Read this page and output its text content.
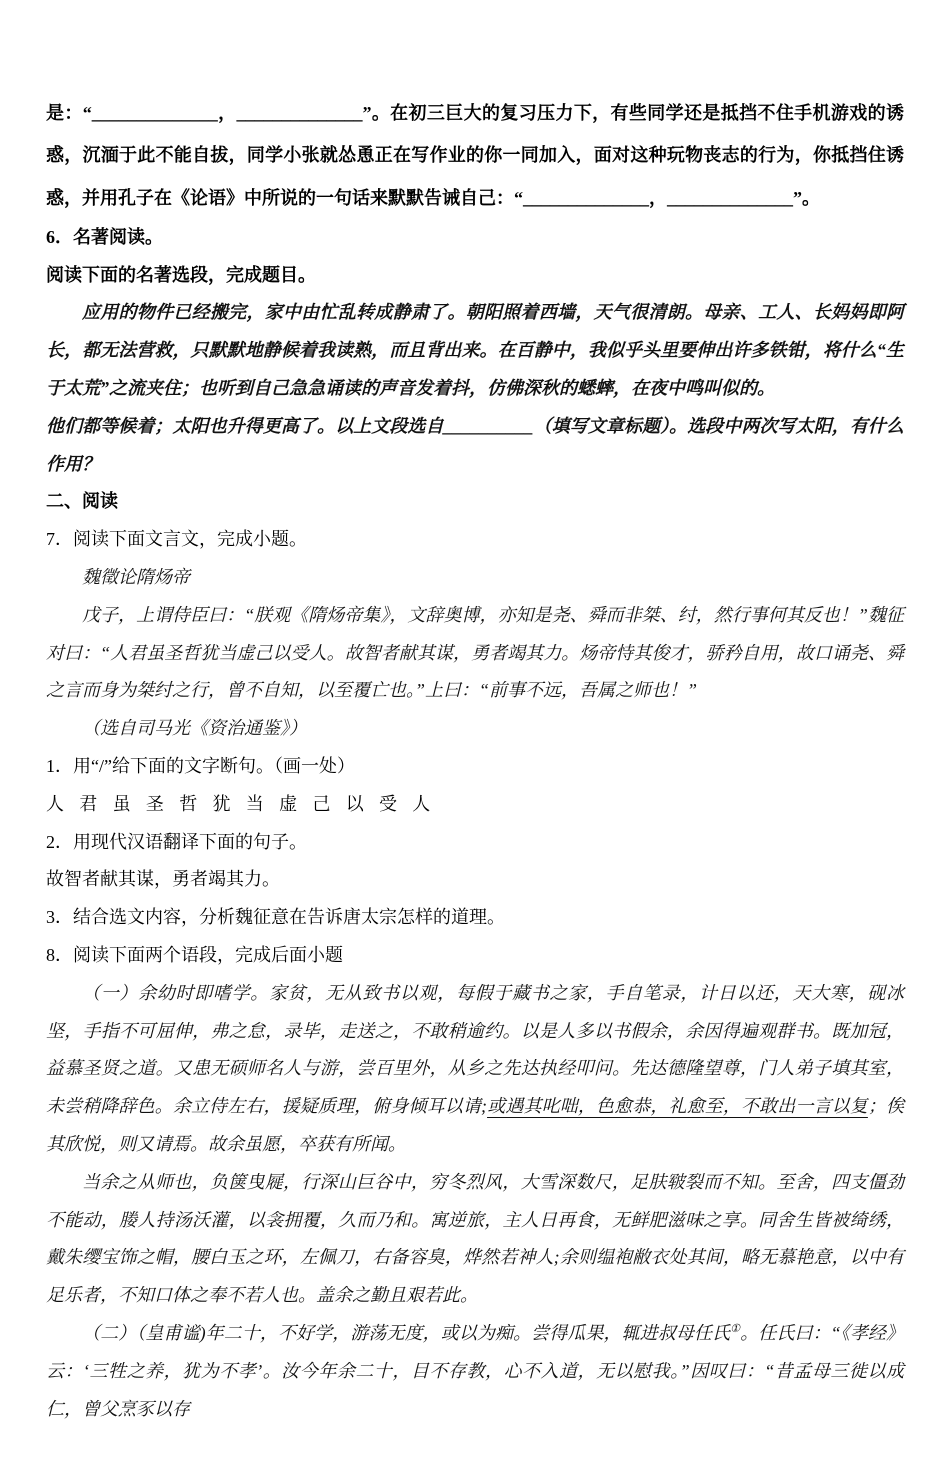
是：“______________，______________”。在初三巨大的复习压力下，有些同学还是抵挡不住手机游戏的诱惑，沉湎于此不能自拔，同学小张就怂恿正在写作业的你一同加入，面对这种玩物丧志的行为，你抵挡住诱惑，并用孔子在《论语》中所说的一句话来默默告诫自己：“______________，______________”。

6．名著阅读。

阅读下面的名著选段，完成题目。

应用的物件已经搬完，家中由忙乱转成静肃了。朝阳照着西墙，天气很清朗。母亲、工人、长妈妈即阿长，都无法营救，只默默地静候着我读熟，而且背出来。在百静中，我似乎头里要伸出许多铁钳，将什么“生于太荒”之流夹住；也听到自己急急诵读的声音发着抖，仿佛深秋的蟋蟀，在夜中鸣叫似的。

他们都等候着；太阳也升得更高了。以上文段选自__________（填写文章标题）。选段中两次写太阳，有什么作用？

二、阅读

7．阅读下面文言文，完成小题。

魏徵论隋炀帝

戊子，上谓侍臣曰：“朕观《隋炀帝集》，文辞奥博，亦知是尧、舜而非桀、纣，然行事何其反也！”魏征对曰：“人君虽圣哲犹当虚己以受人。故智者献其谋，勇者竭其力。炀帝恃其俊才，骄矜自用，故口诵尧、舜之言而身为桀纣之行，曾不自知，以至覆亡也。”上曰：“前事不远，吾属之师也！”

（选自司马光《资治通鉴》）

1．用“/”给下面的文字断句。（画一处）

人 君 虽 圣 哲 犹 当 虚 己 以 受 人

2．用现代汉语翻译下面的句子。

故智者献其谋，勇者竭其力。

3．结合选文内容，分析魏征意在告诉唐太宗怎样的道理。

8．阅读下面两个语段，完成后面小题

（一）余幼时即嗜学。家贫，无从致书以观，每假于藏书之家，手自笔录，计日以还，天大寒，砚冰坚，手指不可屈伸，弗之怠，录毕，走送之，不敢稍逾约。以是人多以书假余，余因得遍观群书。既加冠，益慕圣贤之道。又患无硕师名人与游，尝百里外，从乡之先达执经叩问。先达德隆望尊，门人弟子填其室，未尝稍降辞色。余立侍左右，援疑质理，俯身倾耳以请;或遇其叱咄，色愈恭，礼愈至，不敢出一言以复；俟其欣悦，则又请焉。故余虽愿，卒获有所闻。

当余之从师也，负箧曳屣，行深山巨谷中，穷冬烈风，大雪深数尺，足肤皲裂而不知。至舍，四支僵劲不能动，媵人持汤沃灌，以衾拥覆，久而乃和。寓逆旅，主人日再食，无鲜肥滋味之享。同舍生皆被绮绣，戴朱缨宝饰之帽，腰白玉之环，左佩刀，右备容臭，烨然若神人;余则缊袍敝衣处其间，略无慕艳意，以中有足乐者，不知口体之奉不若人也。盖余之勤且艰若此。

（二）（皇甫谧)年二十，不好学，游荡无度，或以为痴。尝得瓜果，辄进叔母任氏①。任氏曰：“《孝经》云：‘三牲之养，犹为不孝’。汝今年余二十，目不存教，心不入道，无以慰我。”因叹曰：“昔孟母三徙以成仁，曾父烹豕以存
